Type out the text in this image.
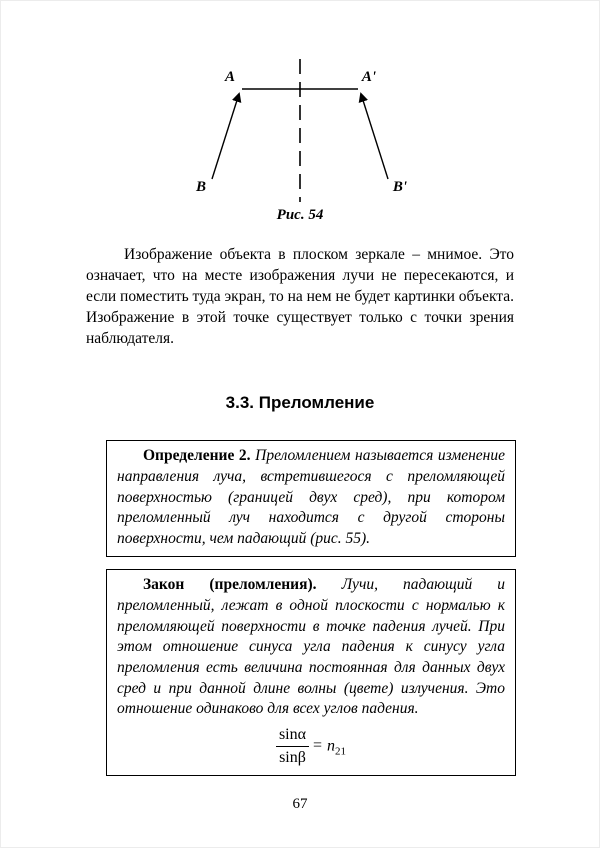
A	A'
B	B'
Рис. 54

Изображение объекта в плоском зеркале – мнимое. Это означает, что на месте изображения лучи не пересекаются, и если поместить туда экран, то на нем не будет картинки объекта. Изображение в этой точке существует только с точки зрения наблюдателя.

3.3. Преломление

Определение 2. Преломлением называется изменение направления луча, встретившегося с преломляющей поверхностью (границей двух сред), при котором преломленный луч находится с другой стороны поверхности, чем падающий (рис. 55).

Закон (преломления). Лучи, падающий и преломленный, лежат в одной плоскости с нормалью к преломляющей поверхности в точке падения лучей. При этом отношение синуса угла падения к синусу угла преломления есть величина постоянная для данных двух сред и при данной длине волны (цвете) излучения. Это отношение одинаково для всех углов падения.

$\frac{\sin\alpha}{\sin\beta} = n_{21}$
67
